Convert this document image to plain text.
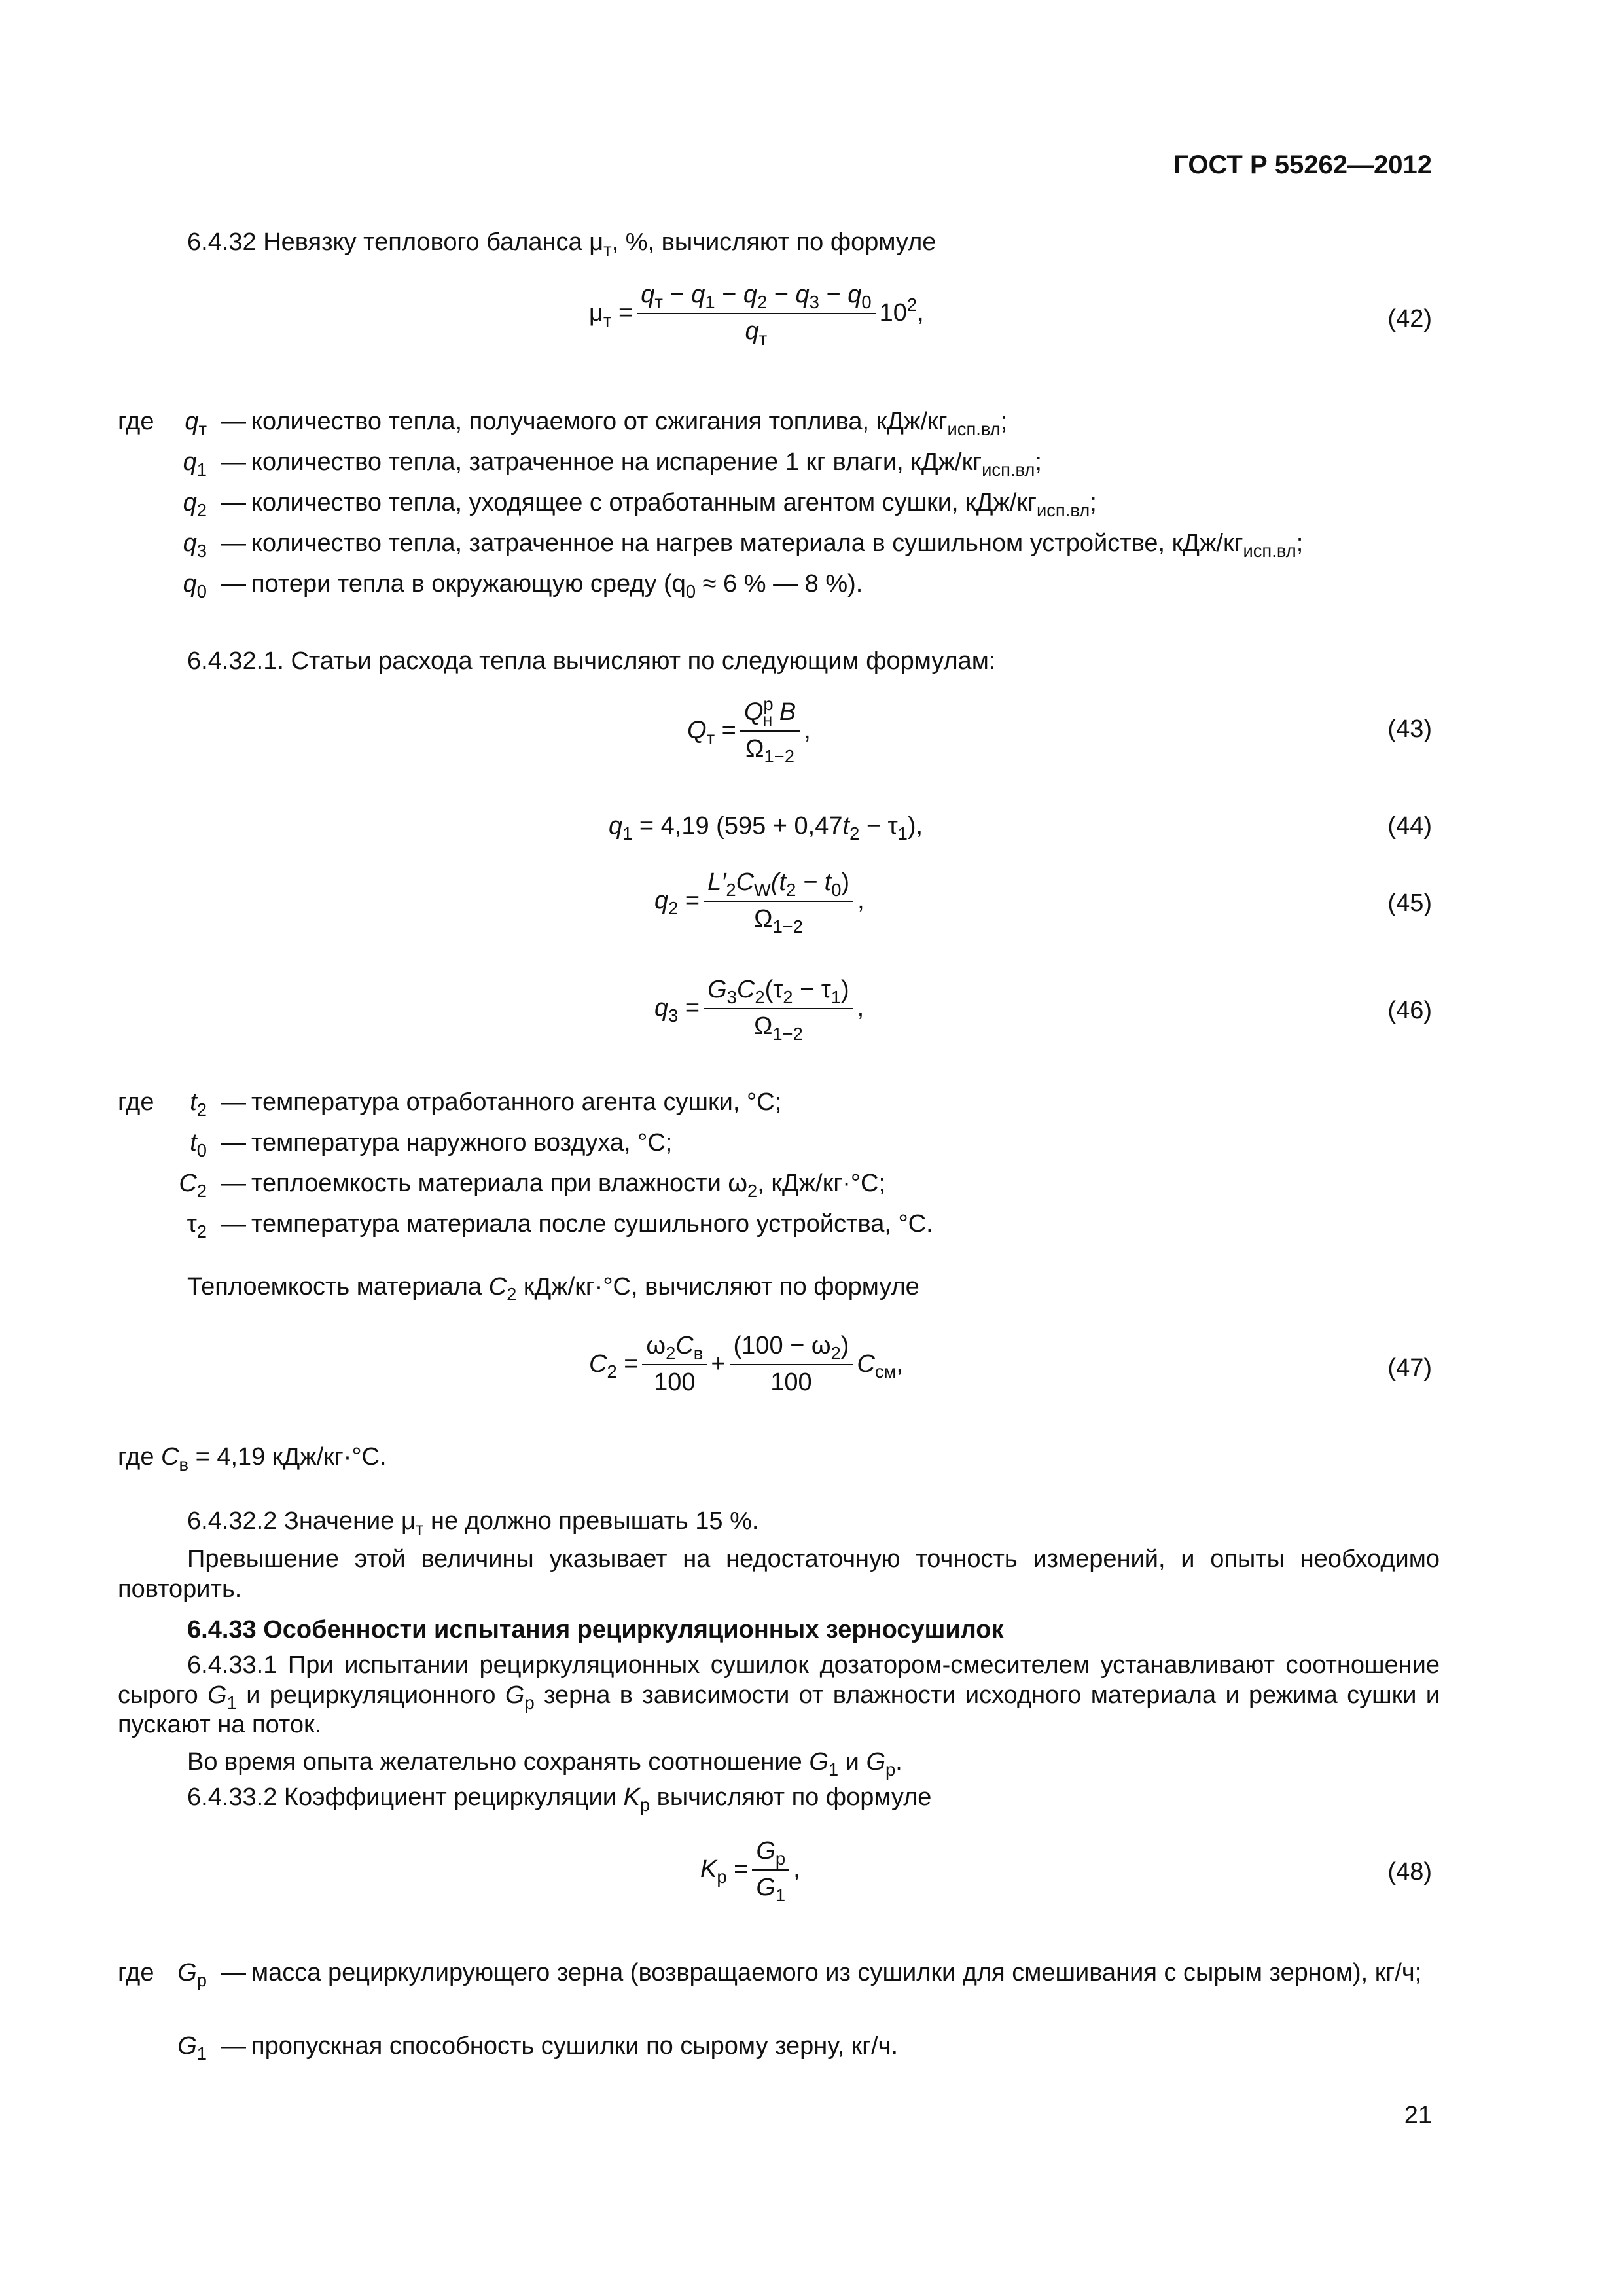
ГОСТ Р 55262—2012
6.4.32 Невязку теплового баланса $\mu_т$, %, вычисляют по формуле
$\mu_т = \frac{q_т - q_1 - q_2 - q_3 - q_0}{q_т} 10^2$,	(42)
где	$q_т$ — количество тепла, получаемого от сжигания топлива, кДж/$кг_{исп.вл}$;
$q_1$ — количество тепла, затраченное на испарение 1 кг влаги, кДж/$кг_{исп.вл}$;
$q_2$ — количество тепла, уходящее с отработанным агентом сушки, кДж/$кг_{исп.вл}$;
$q_3$ — количество тепла, затраченное на нагрев материала в сушильном устройстве, кДж/$кг_{исп.вл}$;
$q_0$ — потери тепла в окружающую среду ($q_0 \approx 6$ % — 8 %).
6.4.32.1. Статьи расхода тепла вычисляют по следующим формулам:
$Q_т = \frac{Q^р_н B}{\Omega_{1-2}}$ ,	(43)
$q_1 = 4,19$ $(595 + 0,47t_2 - \tau_1)$,	(44)
$q_2 = \frac{L'_2C_W(t_2 - t_0)}{\Omega_{1-2}}$ ,	(45)
$q_3 = \frac{G_3C_2(\tau_2 - \tau_1)}{\Omega_{1-2}}$ ,	(46)
где	$t_2$ — температура отработанного агента сушки, °С;
$t_0$ — температура наружного воздуха, °С;
$C_2$ — теплоемкость материала при влажности $\omega_2$, кДж/кг·°С;
$\tau_2$ — температура материала после сушильного устройства, °С.
Теплоемкость материала $C_2$ кДж/кг·°С, вычисляют по формуле
$C_2 = \frac{\omega_2C_в}{100} + \frac{(100 - \omega_2)}{100} C_{см}$,	(47)
где $C_в = 4,19$ кДж/кг·°С.
6.4.32.2 Значение $\mu_т$ не должно превышать 15 %.
Превышение этой величины указывает на недостаточную точность измерений, и опыты необходимо повторить.
6.4.33 Особенности испытания рециркуляционных зерносушилок
6.4.33.1 При испытании рециркуляционных сушилок дозатором-смесителем устанавливают соотношение сырого $G_1$ и рециркуляционного $G_р$ зерна в зависимости от влажности исходного материала и режима сушки и пускают на поток.
Во время опыта желательно сохранять соотношение $G_1$ и $G_р$.
6.4.33.2 Коэффициент рециркуляции $K_р$ вычисляют по формуле
$K_р = \frac{G_р}{G_1}$ ,	(48)
где $G_р$ — масса рециркулирующего зерна (возвращаемого из сушилки для смешивания с сырым зерном), кг/ч;
$G_1$ — пропускная способность сушилки по сырому зерну, кг/ч.
21
